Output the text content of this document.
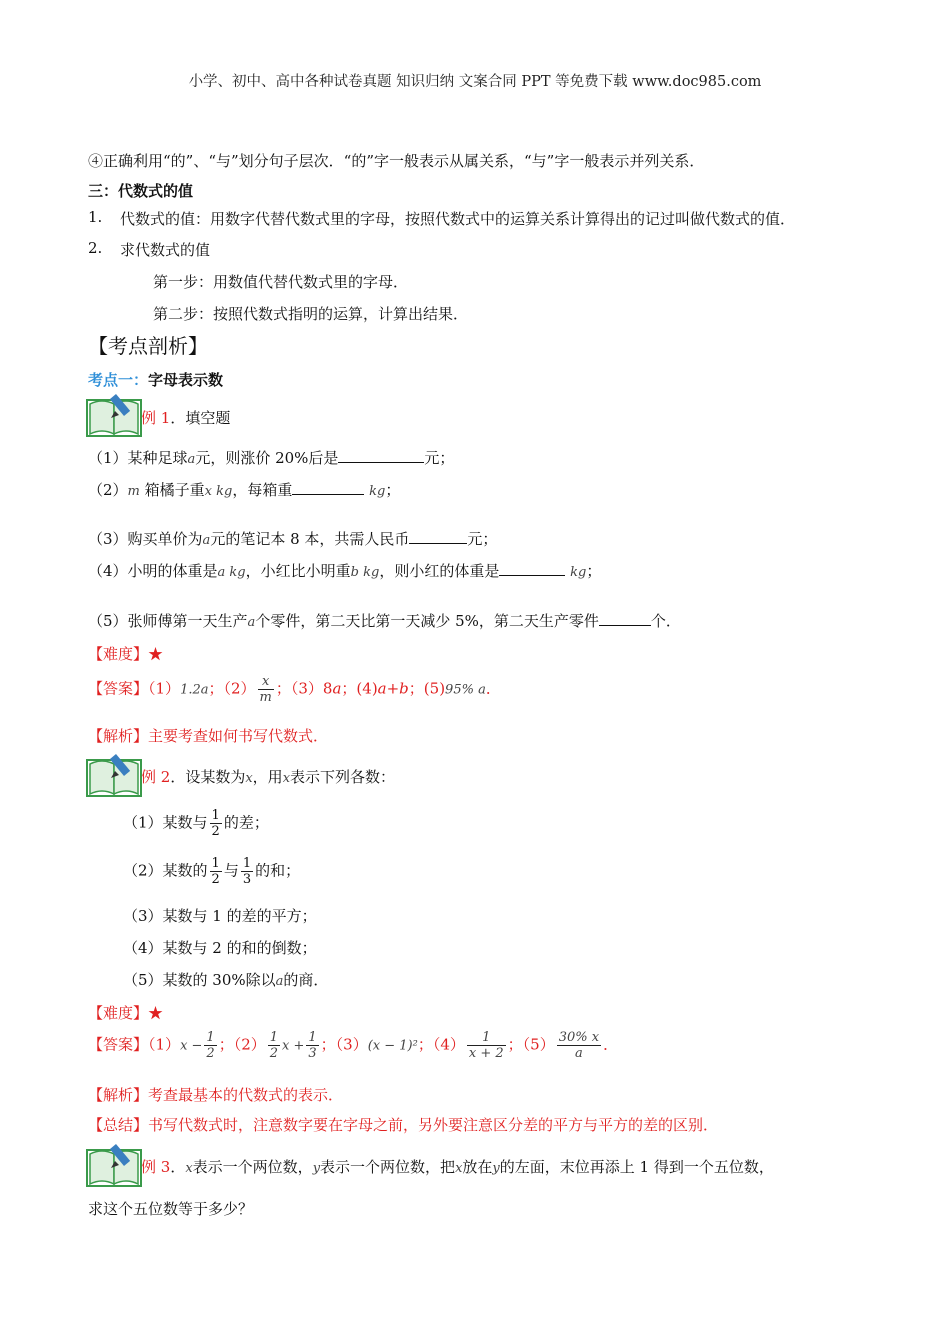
小学、初中、高中各种试卷真题 知识归纳 文案合同 PPT 等免费下载 www.doc985.com
④正确利用“的”、“与”划分句子层次．“的”字一般表示从属关系，“与”字一般表示并列关系．
三：代数式的值
1. 代数式的值：用数字代替代数式里的字母，按照代数式中的运算关系计算得出的记过叫做代数式的值．
2. 求代数式的值
第一步：用数值代替代数式里的字母．
第二步：按照代数式指明的运算，计算出结果．
【考点剖析】
考点一：字母表示数
例 1．填空题
（1）某种足球a元，则涨价 20%后是	元；
（2）m 箱橘子重x kg，每箱重	kg；
（3）购买单价为a元的笔记本 8 本，共需人民币	元；
（4）小明的体重是a kg，小红比小明重b kg，则小红的体重是	kg；
（5）张师傅第一天生产a个零件，第二天比第一天减少 5%，第二天生产零件	个．
【难度】★
【答案】（1）1.2a；$(2) \frac{x}{m}$ ；（3）8a；(4)a+b；(5)95% a．
【解析】主要考查如何书写代数式．
例 2．设某数为x，用x表示下列各数：
（1）某数与 $\frac{1}{2}$ 的差；
（2）某数的 $\frac{1}{2}$ 与 $\frac{1}{3}$ 的和；
（3）某数与 1 的差的平方；
（4）某数与 2 的和的倒数；
（5）某数的 30%除以a的商．
【难度】★
【答案】$(1)x - \frac{1}{2}$ ；$(2) \frac{1}{2}$ $x + \frac{1}{3}$ ；（3）(x − 1)²；$(4) \frac{1}{x + 2}$ ；$(5) \frac{30\% x}{a}$ ．
【解析】考查最基本的代数式的表示．
【总结】书写代数式时，注意数字要在字母之前，另外要注意区分差的平方与平方的差的区别．
例 3．x表示一个两位数，y表示一个两位数，把x放在y的左面，末位再添上 1 得到一个五位数，
求这个五位数等于多少？
